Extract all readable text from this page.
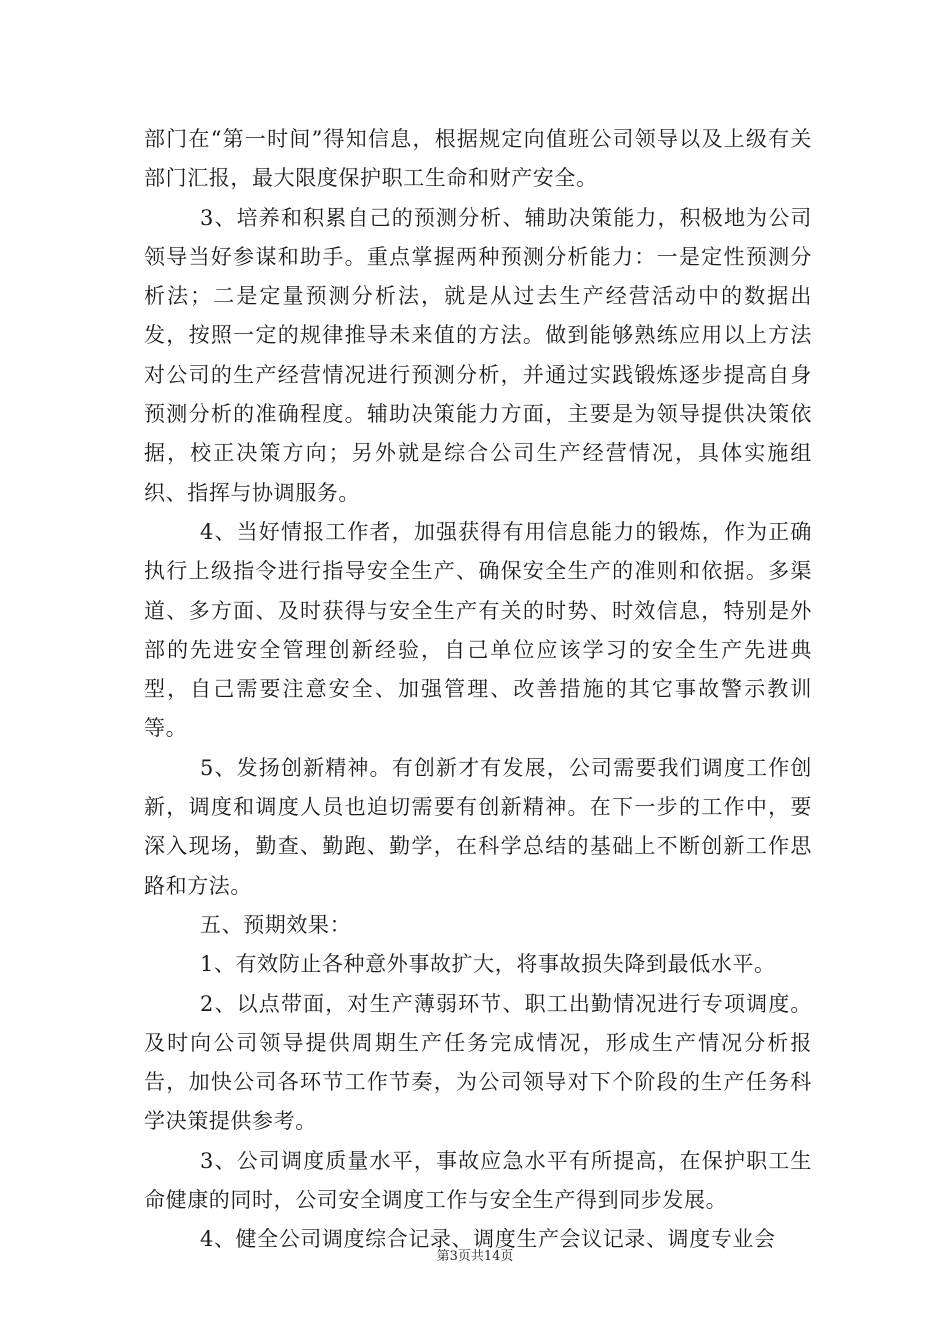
部门在“第一时间”得知信息，根据规定向值班公司领导以及上级有关部门汇报，最大限度保护职工生命和财产安全。

3、培养和积累自己的预测分析、辅助决策能力，积极地为公司领导当好参谋和助手。重点掌握两种预测分析能力：一是定性预测分析法；二是定量预测分析法，就是从过去生产经营活动中的数据出发，按照一定的规律推导未来值的方法。做到能够熟练应用以上方法对公司的生产经营情况进行预测分析，并通过实践锻炼逐步提高自身预测分析的准确程度。辅助决策能力方面，主要是为领导提供决策依据，校正决策方向；另外就是综合公司生产经营情况，具体实施组织、指挥与协调服务。

4、当好情报工作者，加强获得有用信息能力的锻炼，作为正确执行上级指令进行指导安全生产、确保安全生产的准则和依据。多渠道、多方面、及时获得与安全生产有关的时势、时效信息，特别是外部的先进安全管理创新经验，自己单位应该学习的安全生产先进典型，自己需要注意安全、加强管理、改善措施的其它事故警示教训等。

5、发扬创新精神。有创新才有发展，公司需要我们调度工作创新，调度和调度人员也迫切需要有创新精神。在下一步的工作中，要深入现场，勤查、勤跑、勤学，在科学总结的基础上不断创新工作思路和方法。

五、预期效果：

1、有效防止各种意外事故扩大，将事故损失降到最低水平。

2、以点带面，对生产薄弱环节、职工出勤情况进行专项调度。及时向公司领导提供周期生产任务完成情况，形成生产情况分析报告，加快公司各环节工作节奏，为公司领导对下个阶段的生产任务科学决策提供参考。

3、公司调度质量水平，事故应急水平有所提高，在保护职工生命健康的同时，公司安全调度工作与安全生产得到同步发展。

4、健全公司调度综合记录、调度生产会议记录、调度专业会

第3页共14页
